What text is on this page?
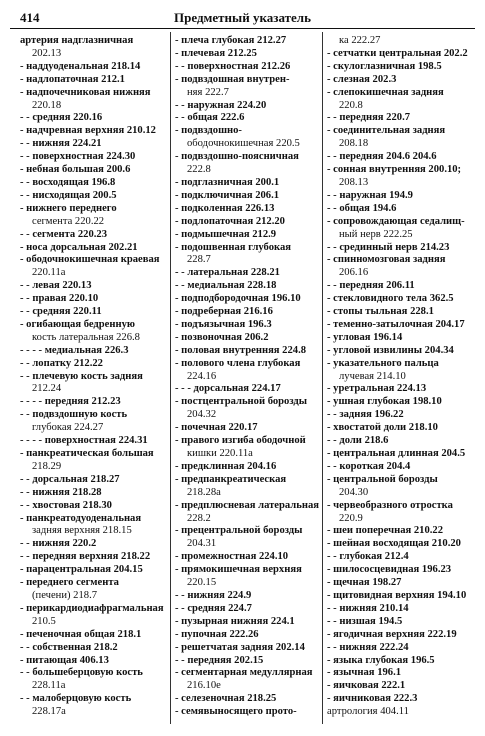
414	Предметный указатель
артерия надглазничная
202.13
- наддуоденальная 218.14
- надлопаточная 212.1
- надпочечниковая нижняя
220.18
- - средняя 220.16
- надчревная верхняя 210.12
- - нижняя 224.21
- - поверхностная 224.30
- небная большая 200.6
- - восходящая 196.8
- - нисходящая 200.5
- нижнего переднего
сегмента 220.22
- - сегмента 220.23
- носа дорсальная 202.21
- ободочнокишечная краевая
220.11а
- - левая 220.13
- - правая 220.10
- - средняя 220.11
- огибающая бедренную
кость латеральная 226.8
- - - - медиальная 226.3
- - лопатку 212.22
- - плечевую кость задняя
212.24
- - - - передняя 212.23
- - подвздошную кость
глубокая 224.27
- - - - поверхностная 224.31
- панкреатическая большая
218.29
- - дорсальная 218.27
- - нижняя 218.28
- - хвостовая 218.30
- панкреатодуоденальная
задняя верхняя 218.15
- - нижняя 220.2
- - передняя верхняя 218.22
- парацентральная 204.15
- переднего сегмента
(печени) 218.7
- перикардиодиафрагмальная
210.5
- печеночная общая 218.1
- - собственная 218.2
- питающая 406.13
- - большеберцовую кость
228.11а
- - малоберцовую кость
228.17а
- плеча глубокая 212.27
- плечевая 212.25
- - поверхностная 212.26
- подвздошная внутрен-
няя 222.7
- - наружная 224.20
- - общая 222.6
- подвздошно-
ободочнокишечная 220.5
- подвздошно-поясничная
222.8
- подглазничная 200.1
- подключичная 206.1
- подколенная 226.13
- подлопаточная 212.20
- подмышечная 212.9
- подошвенная глубокая
228.7
- - латеральная 228.21
- - медиальная 228.18
- подподбородочная 196.10
- подреберная 216.16
- подъязычная 196.3
- позвоночная 206.2
- половая внутренняя 224.8
- полового члена глубокая
224.16
- - - дорсальная 224.17
- постцентральной борозды
204.32
- почечная 220.17
- правого изгиба ободочной
кишки 220.11а
- предклинная 204.16
- предпанкреатическая
218.28а
- предплюсневая латеральная
228.2
- прецентральной борозды
204.31
- промежностная 224.10
- прямокишечная верхняя
220.15
- - нижняя 224.9
- - средняя 224.7
- пузырная нижняя 224.1
- пупочная 222.26
- решетчатая задняя 202.14
- - передняя 202.15
- сегментарная медуллярная
216.10е
- селезеночная 218.25
- семявыносящего прото-
ка 222.27
- сетчатки центральная 202.2
- скулоглазничная 198.5
- слезная 202.3
- слепокишечная задняя
220.8
- - передняя 220.7
- соединительная задняя
208.18
- - передняя 204.6 204.6
- сонная внутренняя 200.10;
208.13
- - наружная 194.9
- - общая 194.6
- сопровождающая седалищ-
ный нерв 222.25
- - срединный нерв 214.23
- спинномозговая задняя
206.16
- - передняя 206.11
- стекловидного тела 362.5
- стопы тыльная 228.1
- теменно-затылочная 204.17
- угловая 196.14
- угловой извилины 204.34
- указательного пальца
лучевая 214.10
- уретральная 224.13
- ушная глубокая 198.10
- - задняя 196.22
- хвостатой доли 218.10
- - доли 218.6
- центральная длинная 204.5
- - короткая 204.4
- центральной борозды
204.30
- червеобразного отростка
220.9
- шеи поперечная 210.22
- шейная восходящая 210.20
- - глубокая 212.4
- шилососцевидная 196.23
- щечная 198.27
- щитовидная верхняя 194.10
- - нижняя 210.14
- - низшая 194.5
- ягодичная верхняя 222.19
- - нижняя 222.24
- языка глубокая 196.5
- язычная 196.1
- яичковая 222.1
- яичниковая 222.3
артрология 404.11
